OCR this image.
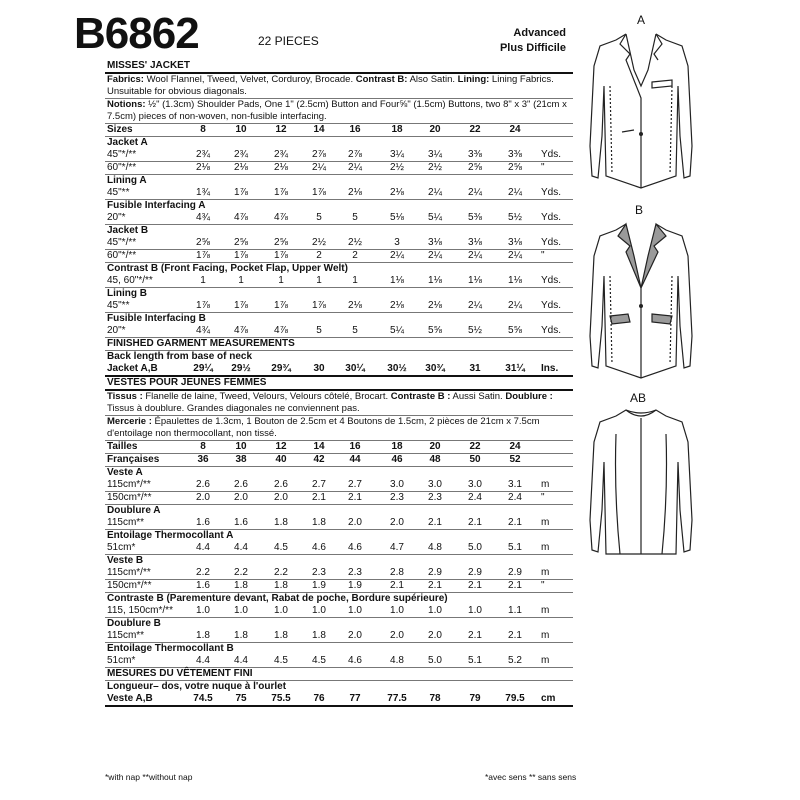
B6862	22 PIECES
Advanced
Plus Difficile
MISSES' JACKET
Fabrics: Wool Flannel, Tweed, Velvet, Corduroy, Brocade. Contrast B: Also Satin. Lining: Lining Fabrics. Unsuitable for obvious diagonals.
Notions: ½" (1.3cm) Shoulder Pads, One 1" (2.5cm) Button and Four⅝" (1.5cm) Buttons, two 8" x 3" (21cm x 7.5cm) pieces of non-woven, non-fusible interfacing.
Sizes	8	10	12	14	16	18	20	22	24
Jacket A
45"*/**	2¾	2¾	2¾	2⅞	2⅞	3¼	3¼	3⅜	3⅜	Yds.
60"*/**	2⅛	2⅛	2⅛	2¼	2¼	2½	2½	2⅝	2⅝	"
Lining A
45"**	1¾	1⅞	1⅞	1⅞	2⅛	2⅛	2¼	2¼	2¼	Yds.
Fusible Interfacing A
20"*	4¾	4⅞	4⅞	5	5	5⅛	5¼	5⅜	5½	Yds.
Jacket B
45"*/**	2⅝	2⅝	2⅝	2½	2½	3	3⅛	3⅛	3⅛	Yds.
60"*/**	1⅞	1⅞	1⅞	2	2	2¼	2¼	2¼	2¼	"
Contrast B (Front Facing, Pocket Flap, Upper Welt)
45, 60"*/**	1	1	1	1	1	1⅛	1⅛	1⅛	1⅛	Yds.
Lining B
45"**	1⅞	1⅞	1⅞	1⅞	2⅛	2⅛	2⅛	2¼	2¼	Yds.
Fusible Interfacing B
20"*	4¾	4⅞	4⅞	5	5	5¼	5⅝	5½	5⅝	Yds.
FINISHED GARMENT MEASUREMENTS
Back length from base of neck
Jacket A,B	29¼	29½	29¾	30	30¼	30½	30¾	31	31¼	Ins.
VESTES POUR JEUNES FEMMES
Tissus : Flanelle de laine, Tweed, Velours, Velours côtelé, Brocart. Contraste B : Aussi Satin. Doublure : Tissus à doublure. Grandes diagonales ne conviennent pas.
Mercerie : Épaulettes de 1.3cm, 1 Bouton de 2.5cm et 4 Boutons de 1.5cm, 2 pièces de 21cm x 7.5cm d'entoilage non thermocollant, non tissé.
Tailles	8	10	12	14	16	18	20	22	24
Françaises	36	38	40	42	44	46	48	50	52
Veste A
115cm*/**	2.6	2.6	2.6	2.7	2.7	3.0	3.0	3.0	3.1	m
150cm*/**	2.0	2.0	2.0	2.1	2.1	2.3	2.3	2.4	2.4	"
Doublure A
115cm**	1.6	1.6	1.8	1.8	2.0	2.0	2.1	2.1	2.1	m
Entoilage Thermocollant A
51cm*	4.4	4.4	4.5	4.6	4.6	4.7	4.8	5.0	5.1	m
Veste B
115cm*/**	2.2	2.2	2.2	2.3	2.3	2.8	2.9	2.9	2.9	m
150cm*/**	1.6	1.8	1.8	1.9	1.9	2.1	2.1	2.1	2.1	"
Contraste B (Parementure devant, Rabat de poche, Bordure supérieure)
115, 150cm*/**	1.0	1.0	1.0	1.0	1.0	1.0	1.0	1.0	1.1	m
Doublure B
115cm**	1.8	1.8	1.8	1.8	2.0	2.0	2.0	2.1	2.1	m
Entoilage Thermocollant B
51cm*	4.4	4.4	4.5	4.5	4.6	4.8	5.0	5.1	5.2	m
MESURES DU VÊTEMENT FINI
Longueur– dos, votre nuque à l'ourlet
Veste A,B	74.5	75	75.5	76	77	77.5	78	79	79.5	cm
*with nap **without nap	*avec sens ** sans sens
A
B
AB
